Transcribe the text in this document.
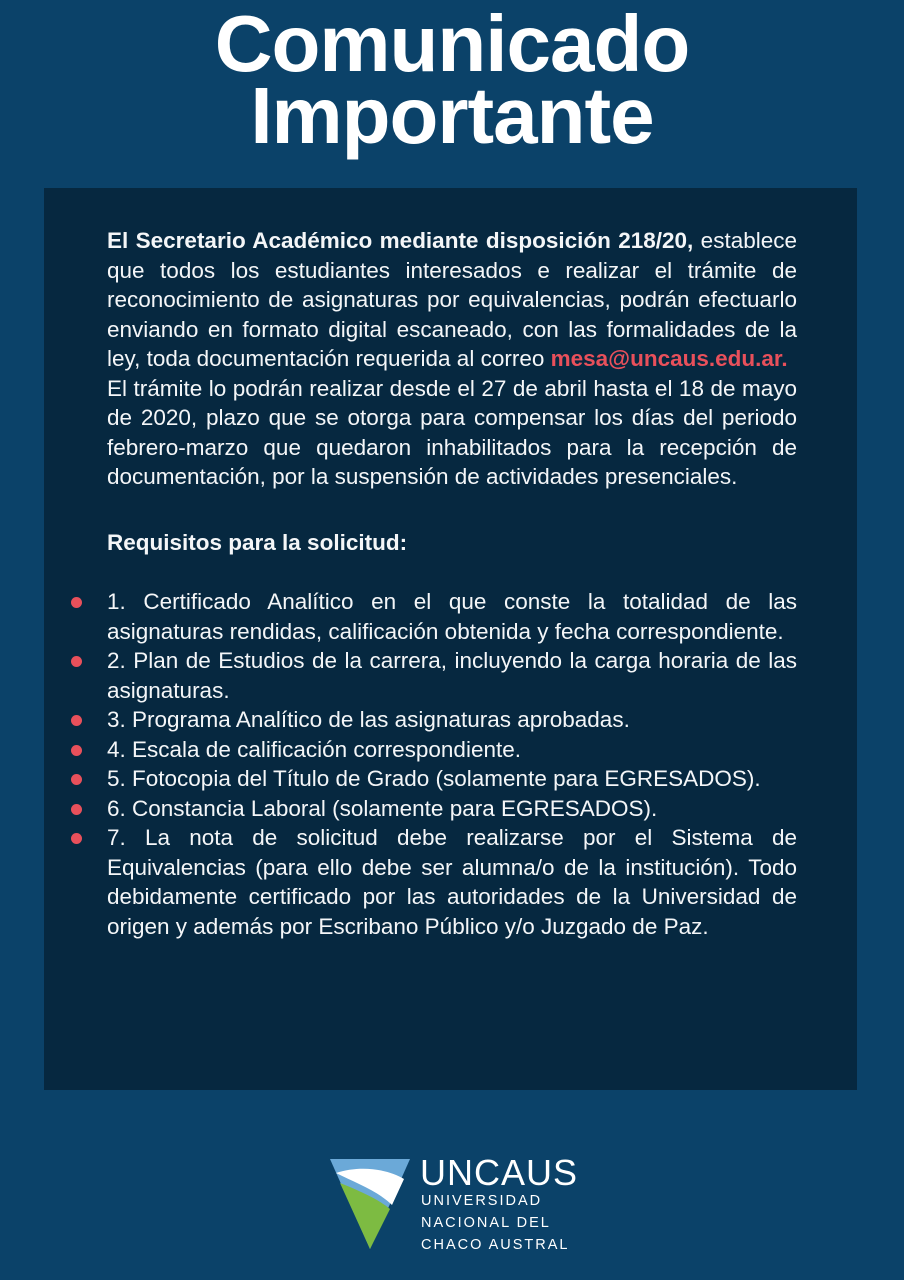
Comunicado
Importante

El Secretario Académico mediante disposición 218/20, establece que todos los estudiantes interesados e realizar el trámite de reconocimiento de asignaturas por equivalencias, podrán efectuarlo enviando en formato digital escaneado, con las formalidades de la ley, toda documentación requerida al correo mesa@uncaus.edu.ar.

El trámite lo podrán realizar desde el 27 de abril hasta el 18 de mayo de 2020, plazo que se otorga para compensar los días del periodo febrero-marzo que quedaron inhabilitados para la recepción de documentación, por la suspensión de actividades presenciales.

Requisitos para la solicitud:

1. Certificado Analítico en el que conste la totalidad de las asignaturas rendidas, calificación obtenida y fecha correspondiente.
2. Plan de Estudios de la carrera, incluyendo la carga horaria de las asignaturas.
3. Programa Analítico de las asignaturas aprobadas.
4. Escala de calificación correspondiente.
5. Fotocopia del Título de Grado (solamente para EGRESADOS).
6. Constancia Laboral (solamente para EGRESADOS).
7. La nota de solicitud debe realizarse por el Sistema de Equivalencias (para ello debe ser alumna/o de la institución). Todo debidamente certificado por las autoridades de la Universidad de origen y además por Escribano Público y/o Juzgado de Paz.
UNCAUS
UNIVERSIDAD
NACIONAL DEL
CHACO AUSTRAL
